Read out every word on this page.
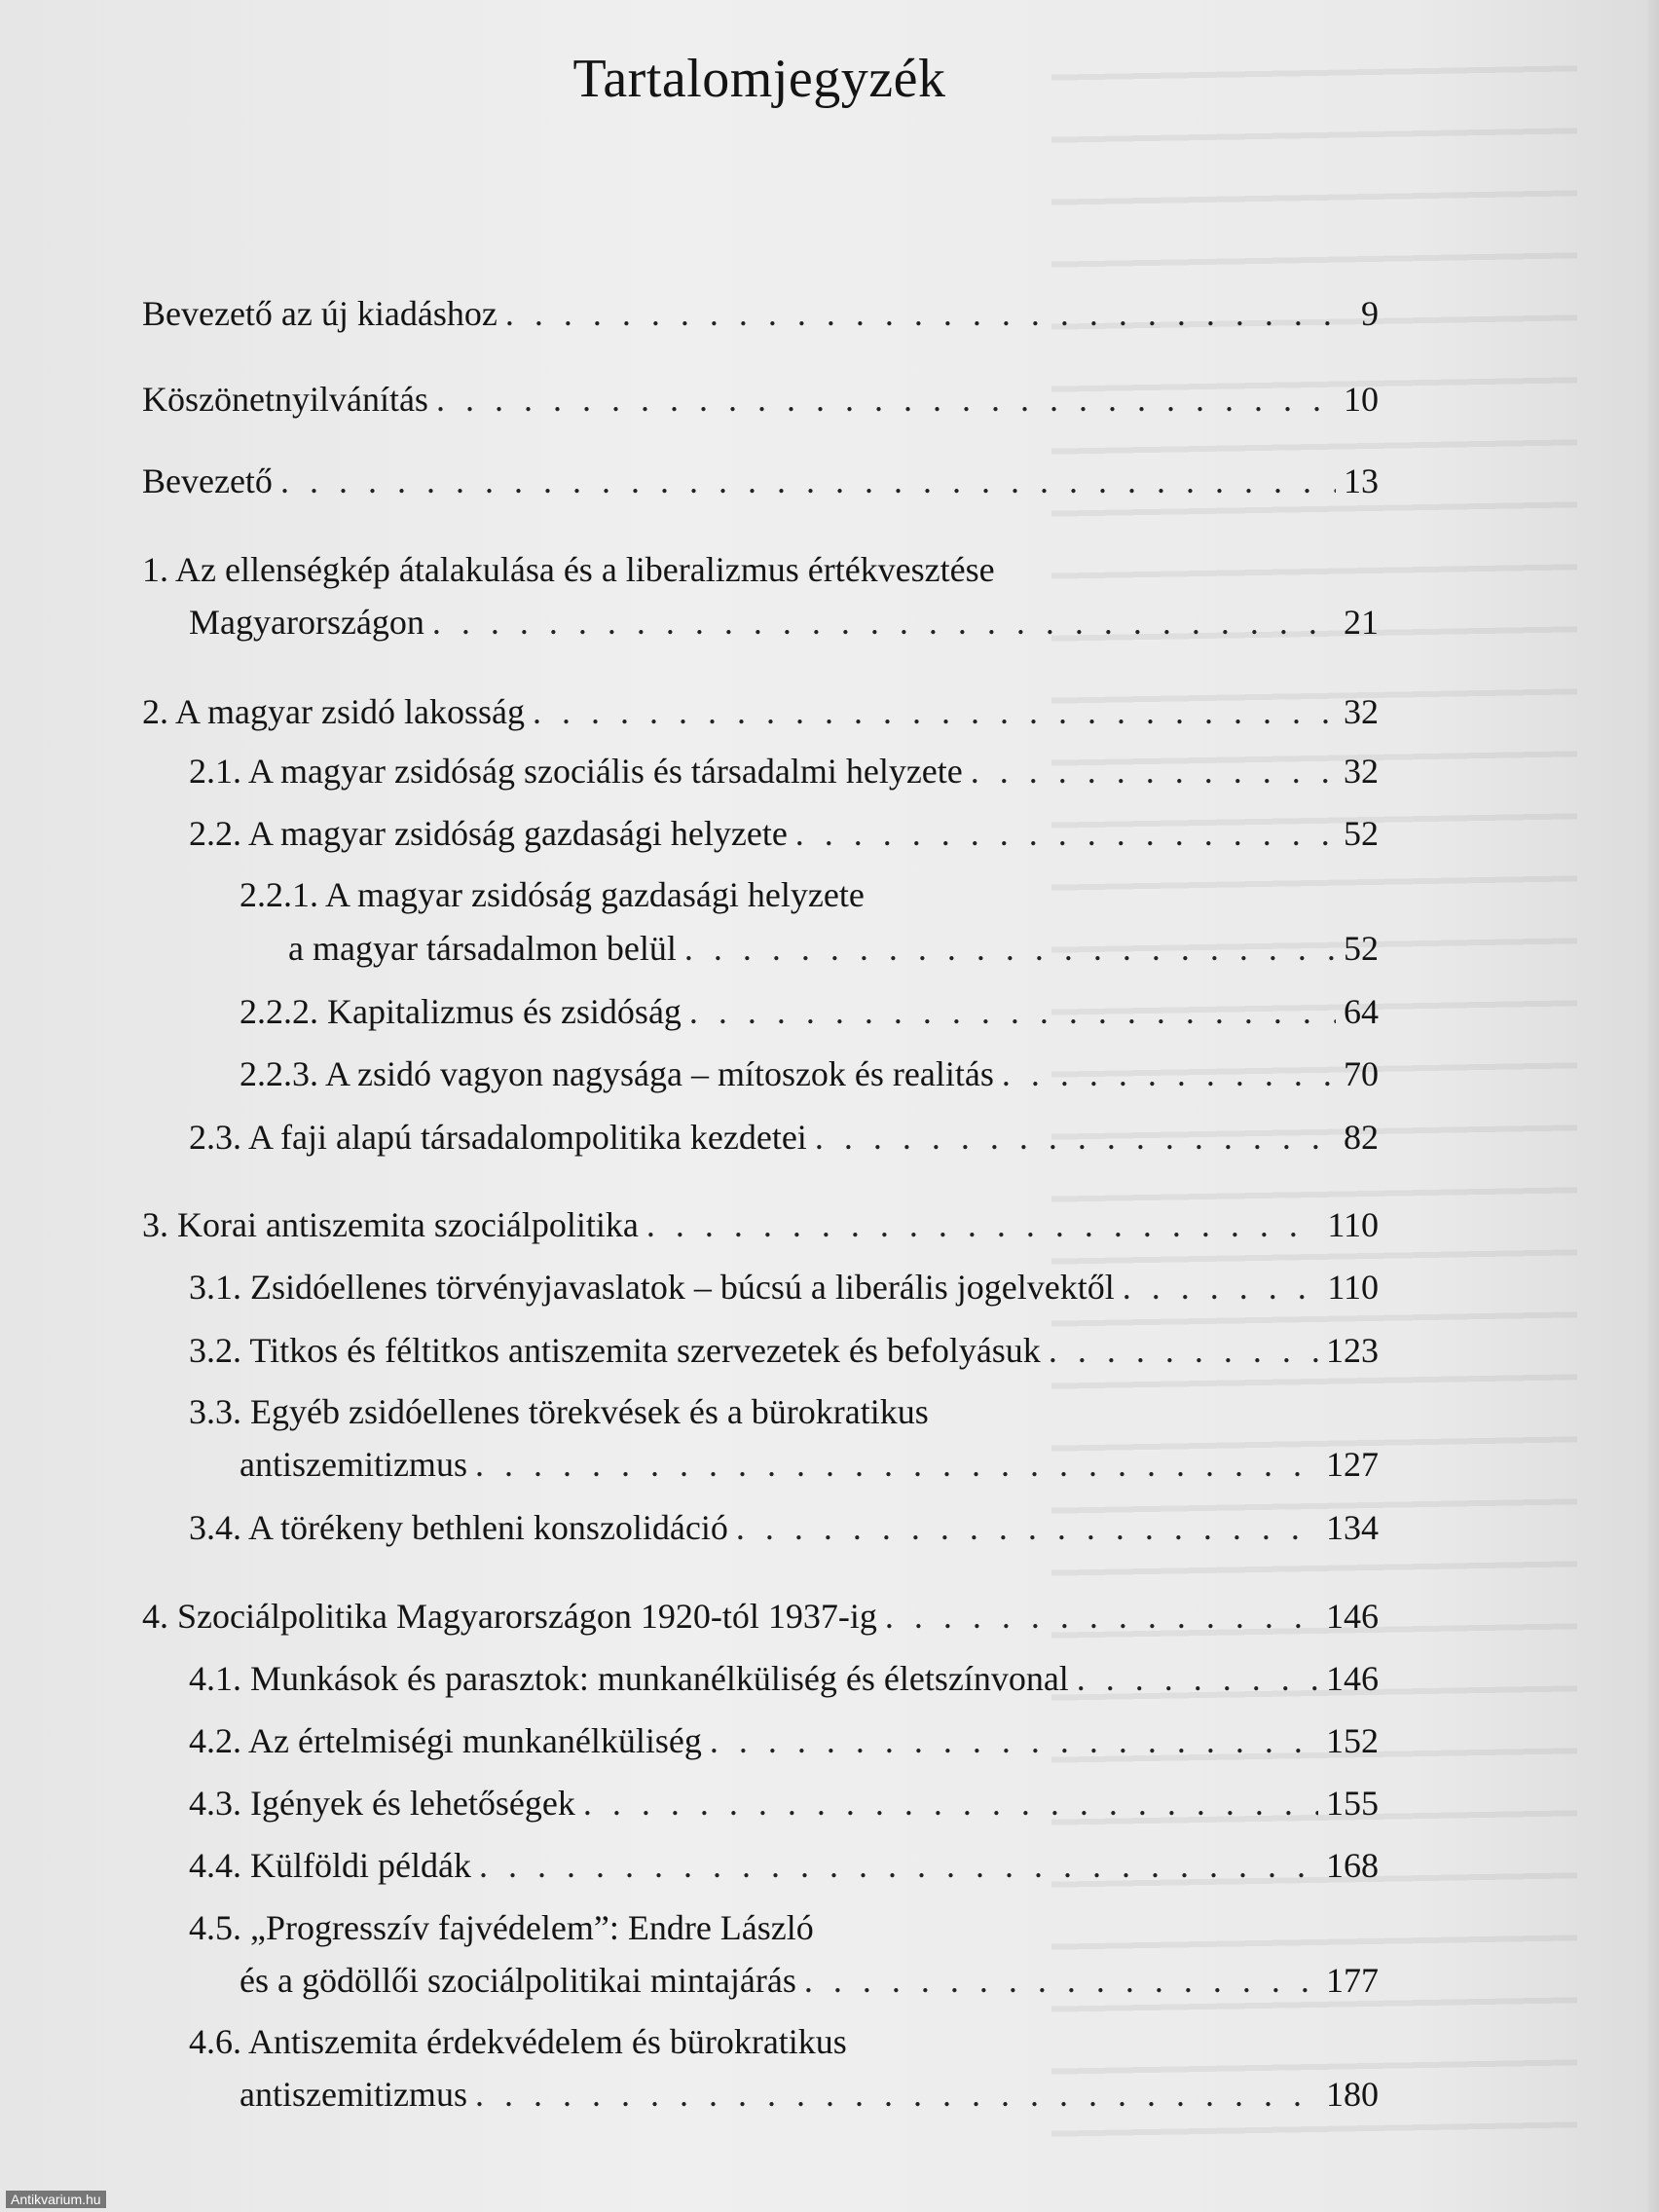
Tartalomjegyzék
Bevezető az új kiadáshoz . . .	9
Köszönetnyilvánítás . . .	10
Bevezető . . .	13
1. Az ellenségkép átalakulása és a liberalizmus értékvesztése
Magyarországon . . .	21
2. A magyar zsidó lakosság . . .	32
2.1. A magyar zsidóság szociális és társadalmi helyzete . . .	32
2.2. A magyar zsidóság gazdasági helyzete . . .	52
2.2.1. A magyar zsidóság gazdasági helyzete
a magyar társadalmon belül . . .	52
2.2.2. Kapitalizmus és zsidóság . . .	64
2.2.3. A zsidó vagyon nagysága – mítoszok és realitás . . .	70
2.3. A faji alapú társadalompolitika kezdetei . . .	82
3. Korai antiszemita szociálpolitika . . .	110
3.1. Zsidóellenes törvényjavaslatok – búcsú a liberális jogelvektől . . .	110
3.2. Titkos és féltitkos antiszemita szervezetek és befolyásuk . . .	123
3.3. Egyéb zsidóellenes törekvések és a bürokratikus
antiszemitizmus . . .	127
3.4. A törékeny bethleni konszolidáció . . .	134
4. Szociálpolitika Magyarországon 1920-tól 1937-ig . . .	146
4.1. Munkások és parasztok: munkanélküliség és életszínvonal . . .	146
4.2. Az értelmiségi munkanélküliség . . .	152
4.3. Igények és lehetőségek . . .	155
4.4. Külföldi példák . . .	168
4.5. „Progresszív fajvédelem”: Endre László
és a gödöllői szociálpolitikai mintajárás . . .	177
4.6. Antiszemita érdekvédelem és bürokratikus
antiszemitizmus . . .	180
Antikvarium.hu
